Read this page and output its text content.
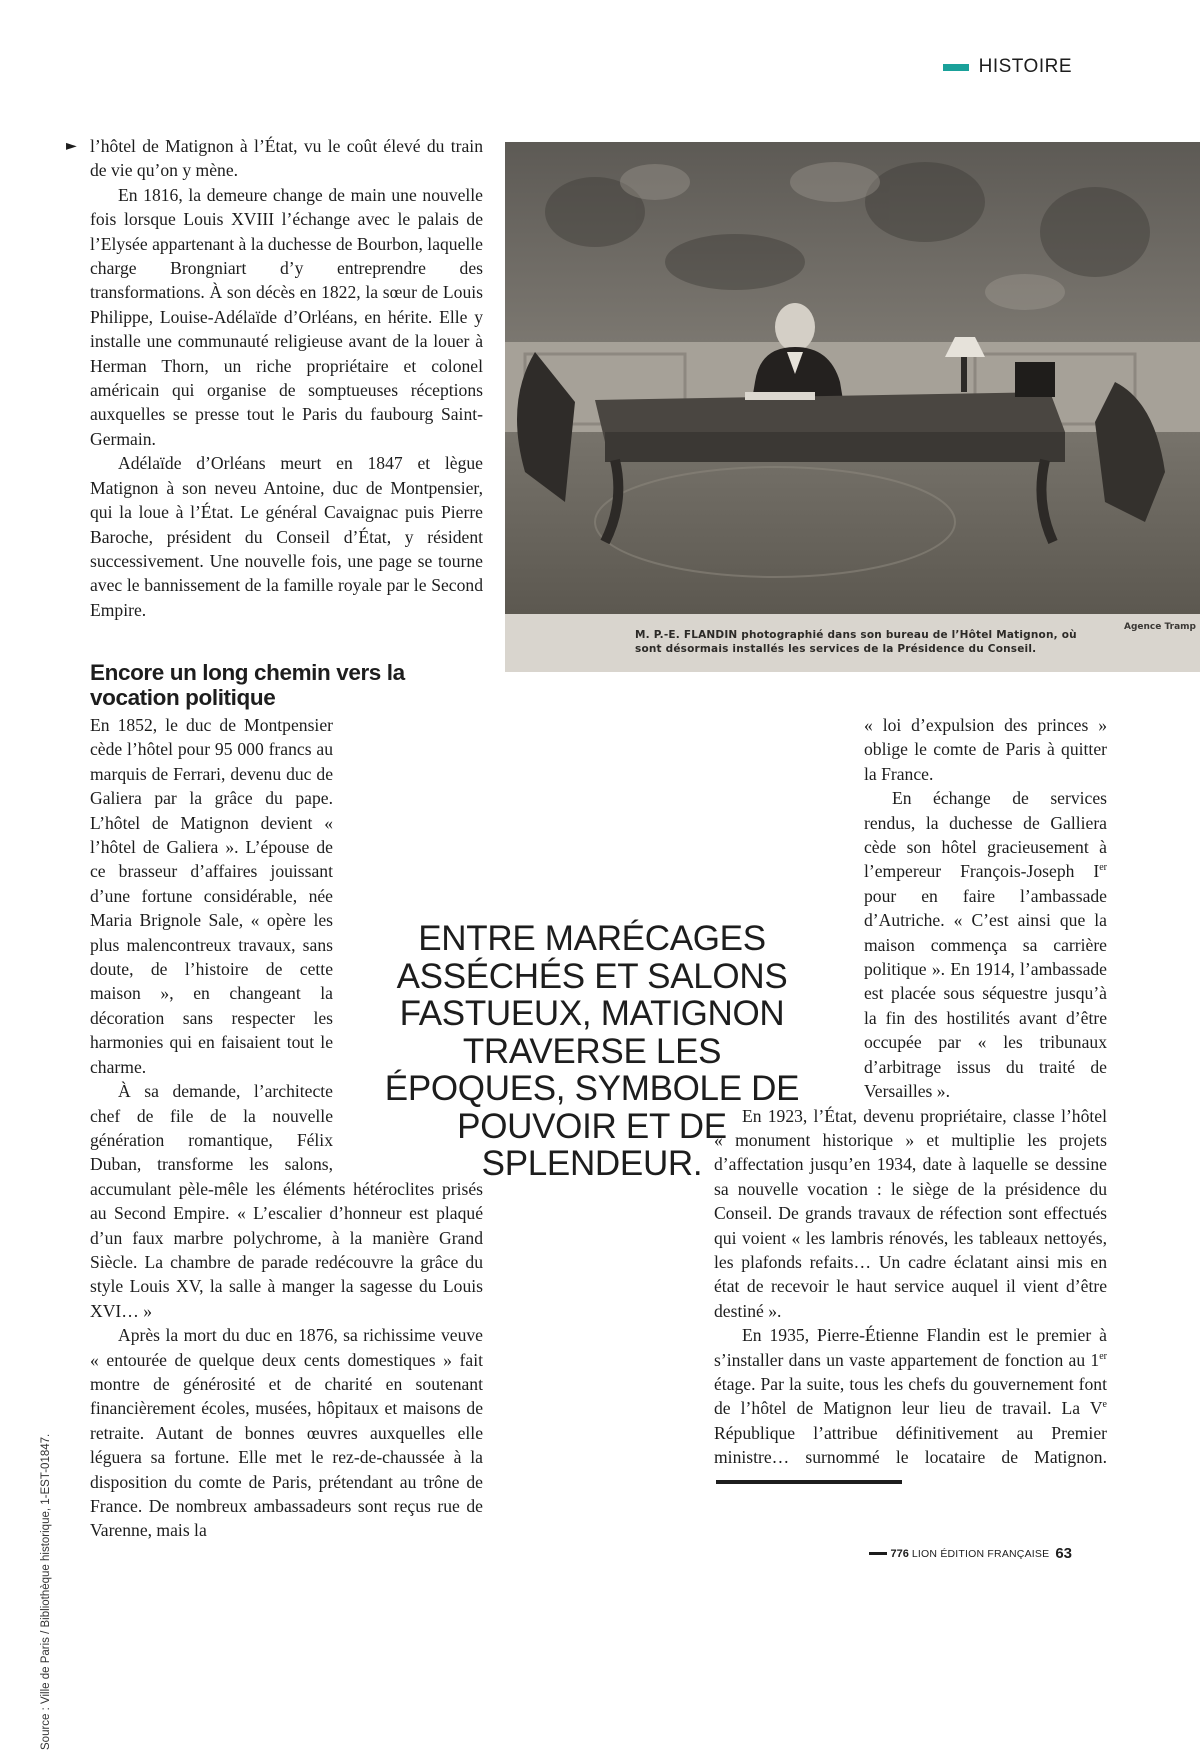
HISTOIRE
► l’hôtel de Matignon à l’État, vu le coût élevé du train de vie qu’on y mène.

En 1816, la demeure change de main une nouvelle fois lorsque Louis XVIII l’échange avec le palais de l’Elysée appartenant à la duchesse de Bourbon, laquelle charge Brongniart d’y entreprendre des transformations. À son décès en 1822, la sœur de Louis Philippe, Louise-Adélaïde d’Orléans, en hérite. Elle y installe une communauté religieuse avant de la louer à Herman Thorn, un riche propriétaire et colonel américain qui organise de somptueuses réceptions auxquelles se presse tout le Paris du faubourg Saint-Germain.

Adélaïde d’Orléans meurt en 1847 et lègue Matignon à son neveu Antoine, duc de Montpensier, qui la loue à l’État. Le général Cavaignac puis Pierre Baroche, président du Conseil d’État, y résident successivement. Une nouvelle fois, une page se tourne avec le bannissement de la famille royale par le Second Empire.

Encore un long chemin vers la vocation politique

En 1852, le duc de Montpensier cède l’hôtel pour 95 000 francs au marquis de Ferrari, devenu duc de Galiera par la grâce du pape. L’hôtel de Matignon devient « l’hôtel de Galiera ». L’épouse de ce brasseur d’affaires jouissant d’une fortune considérable, née Maria Brignole Sale, « opère les plus malencontreux travaux, sans doute, de l’histoire de cette maison », en changeant la décoration sans respecter les harmonies qui en faisaient tout le charme.

À sa demande, l’architecte chef de file de la nouvelle génération romantique, Félix Duban, transforme les salons, accumulant pèle-mêle les éléments hétéroclites prisés au Second Empire. « L’escalier d’honneur est plaqué d’un faux marbre polychrome, à la manière Grand Siècle. La chambre de parade redécouvre la grâce du style Louis XV, la salle à manger la sagesse du Louis XVI… »

Après la mort du duc en 1876, sa richissime veuve « entourée de quelque deux cents domestiques » fait montre de générosité et de charité en soutenant financièrement écoles, musées, hôpitaux et maisons de retraite. Autant de bonnes œuvres auxquelles elle léguera sa fortune. Elle met le rez-de-chaussée à la disposition du comte de Paris, prétendant au trône de France. De nombreux ambassadeurs sont reçus rue de Varenne, mais la

« loi d’expulsion des princes » oblige le comte de Paris à quitter la France.

En échange de services rendus, la duchesse de Galliera cède son hôtel gracieusement à l’empereur François-Joseph Ier pour en faire l’ambassade d’Autriche. « C’est ainsi que la maison commença sa carrière politique ». En 1914, l’ambassade est placée sous séquestre jusqu’à la fin des hostilités avant d’être occupée par « les tribunaux d’arbitrage issus du traité de Versailles ».

En 1923, l’État, devenu propriétaire, classe l’hôtel « monument historique » et multiplie les projets d’affectation jusqu’en 1934, date à laquelle se dessine sa nouvelle vocation : le siège de la présidence du Conseil. De grands travaux de réfection sont effectués qui voient « les lambris rénovés, les tableaux nettoyés, les plafonds refaits… Un cadre éclatant ainsi mis en état de recevoir le haut service auquel il vient d’être destiné ».

En 1935, Pierre-Étienne Flandin est le premier à s’installer dans un vaste appartement de fonction au 1er étage. Par la suite, tous les chefs du gouvernement font de l’hôtel de Matignon leur lieu de travail. La Ve République l’attribue définitivement au Premier ministre… surnommé le locataire de Matignon.

Agence Tramp
M. P.-E. FLANDIN photographié dans son bureau de l’Hôtel Matignon, où sont désormais installés les services de la Présidence du Conseil.
ENTRE MARÉCAGES ASSÉCHÉS ET SALONS FASTUEUX, MATIGNON TRAVERSE LES ÉPOQUES, SYMBOLE DE POUVOIR ET DE SPLENDEUR.
Source : Ville de Paris / Bibliothèque historique, 1-EST-01847.	776 LION ÉDITION FRANÇAISE 63
